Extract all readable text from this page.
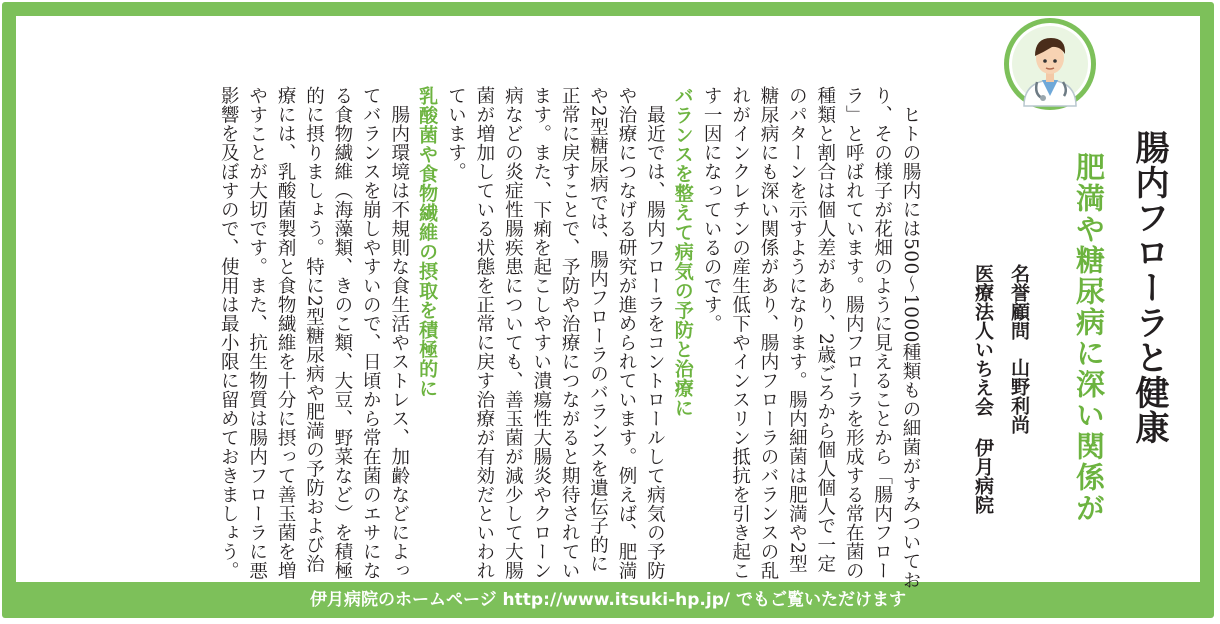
健康
生活
腸内フローラと健康
肥満や糖尿病に深い関係が
医療法人いちえ会伊月病院
名誉顧問山野利尚

ヒトの腸内には500〜1000種類もの細菌がすみついており、その様子が花畑のように見えることから「腸内フローラ」と呼ばれています。腸内フローラを形成する常在菌の種類と割合は個人差があり、2歳ごろから個人個人で一定のパターンを示すようになります。腸内細菌は肥満や2型糖尿病にも深い関係があり、腸内フローラのバランスの乱れがインクレチンの産生低下やインスリン抵抗を引き起こす一因になっているのです。

バランスを整えて病気の予防と治療に

最近では、腸内フローラをコントロールして病気の予防や治療につなげる研究が進められています。例えば、肥満や2型糖尿病では、腸内フローラのバランスを遺伝子的に正常に戻すことで、予防や治療につながると期待されています。また、下痢を起こしやすい潰瘍性大腸炎やクローン病などの炎症性腸疾患についても、善玉菌が減少して大腸菌が増加している状態を正常に戻す治療が有効だといわれています。

乳酸菌や食物繊維の摂取を積極的に

腸内環境は不規則な食生活やストレス、加齢などによってバランスを崩しやすいので、日頃から常在菌のエサになる食物繊維（海藻類、きのこ類、大豆、野菜など）を積極的に摂りましょう。特に2型糖尿病や肥満の予防および治療には、乳酸菌製剤と食物繊維を十分に摂って善玉菌を増やすことが大切です。また、抗生物質は腸内フローラに悪影響を及ぼすので、使用は最小限に留めておきましょう。

伊月病院のホームページ http://www.itsuki-hp.jp/ でもご覧いただけます
